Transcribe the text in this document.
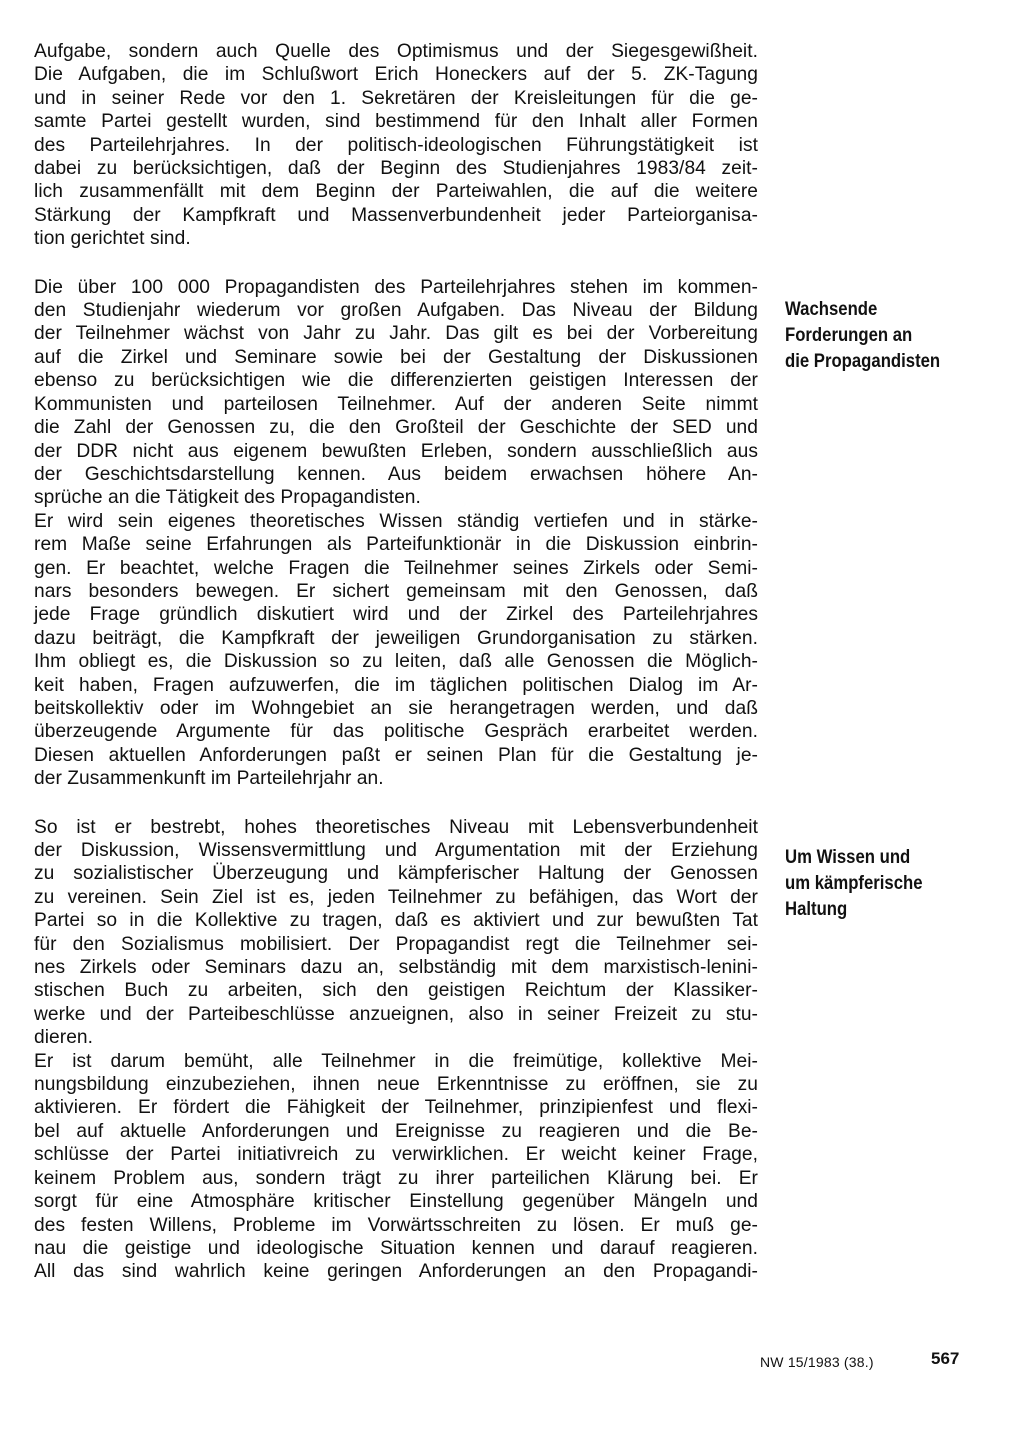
Aufgabe, sondern auch Quelle des Optimismus und der Siegesgewißheit.
Die Aufgaben, die im Schlußwort Erich Honeckers auf der 5. ZK-Tagung
und in seiner Rede vor den 1. Sekretären der Kreisleitungen für die ge-
samte Partei gestellt wurden, sind bestimmend für den Inhalt aller Formen
des Parteilehrjahres. In der politisch-ideologischen Führungstätigkeit ist
dabei zu berücksichtigen, daß der Beginn des Studienjahres 1983/84 zeit-
lich zusammenfällt mit dem Beginn der Parteiwahlen, die auf die weitere
Stärkung der Kampfkraft und Massenverbundenheit jeder Parteiorganisa-
tion gerichtet sind.

Die über 100 000 Propagandisten des Parteilehrjahres stehen im kommen-
den Studienjahr wiederum vor großen Aufgaben. Das Niveau der Bildung
der Teilnehmer wächst von Jahr zu Jahr. Das gilt es bei der Vorbereitung
auf die Zirkel und Seminare sowie bei der Gestaltung der Diskussionen
ebenso zu berücksichtigen wie die differenzierten geistigen Interessen der
Kommunisten und parteilosen Teilnehmer. Auf der anderen Seite nimmt
die Zahl der Genossen zu, die den Großteil der Geschichte der SED und
der DDR nicht aus eigenem bewußten Erleben, sondern ausschließlich aus
der Geschichtsdarstellung kennen. Aus beidem erwachsen höhere An-
sprüche an die Tätigkeit des Propagandisten.

Er wird sein eigenes theoretisches Wissen ständig vertiefen und in stärke-
rem Maße seine Erfahrungen als Parteifunktionär in die Diskussion einbrin-
gen. Er beachtet, welche Fragen die Teilnehmer seines Zirkels oder Semi-
nars besonders bewegen. Er sichert gemeinsam mit den Genossen, daß
jede Frage gründlich diskutiert wird und der Zirkel des Parteilehrjahres
dazu beiträgt, die Kampfkraft der jeweiligen Grundorganisation zu stärken.
Ihm obliegt es, die Diskussion so zu leiten, daß alle Genossen die Möglich-
keit haben, Fragen aufzuwerfen, die im täglichen politischen Dialog im Ar-
beitskollektiv oder im Wohngebiet an sie herangetragen werden, und daß
überzeugende Argumente für das politische Gespräch erarbeitet werden.
Diesen aktuellen Anforderungen paßt er seinen Plan für die Gestaltung je-
der Zusammenkunft im Parteilehrjahr an.

So ist er bestrebt, hohes theoretisches Niveau mit Lebensverbundenheit
der Diskussion, Wissensvermittlung und Argumentation mit der Erziehung
zu sozialistischer Überzeugung und kämpferischer Haltung der Genossen
zu vereinen. Sein Ziel ist es, jeden Teilnehmer zu befähigen, das Wort der
Partei so in die Kollektive zu tragen, daß es aktiviert und zur bewußten Tat
für den Sozialismus mobilisiert. Der Propagandist regt die Teilnehmer sei-
nes Zirkels oder Seminars dazu an, selbständig mit dem marxistisch-lenini-
stischen Buch zu arbeiten, sich den geistigen Reichtum der Klassiker-
werke und der Parteibeschlüsse anzueignen, also in seiner Freizeit zu stu-
dieren.

Er ist darum bemüht, alle Teilnehmer in die freimütige, kollektive Mei-
nungsbildung einzubeziehen, ihnen neue Erkenntnisse zu eröffnen, sie zu
aktivieren. Er fördert die Fähigkeit der Teilnehmer, prinzipienfest und flexi-
bel auf aktuelle Anforderungen und Ereignisse zu reagieren und die Be-
schlüsse der Partei initiativreich zu verwirklichen. Er weicht keiner Frage,
keinem Problem aus, sondern trägt zu ihrer parteilichen Klärung bei. Er
sorgt für eine Atmosphäre kritischer Einstellung gegenüber Mängeln und
des festen Willens, Probleme im Vorwärtsschreiten zu lösen. Er muß ge-
nau die geistige und ideologische Situation kennen und darauf reagieren.
All das sind wahrlich keine geringen Anforderungen an den Propagandi-

Wachsende
Forderungen an
die Propagandisten
Um Wissen und
um kämpferische
Haltung
NW 15/1983 (38.)	567
